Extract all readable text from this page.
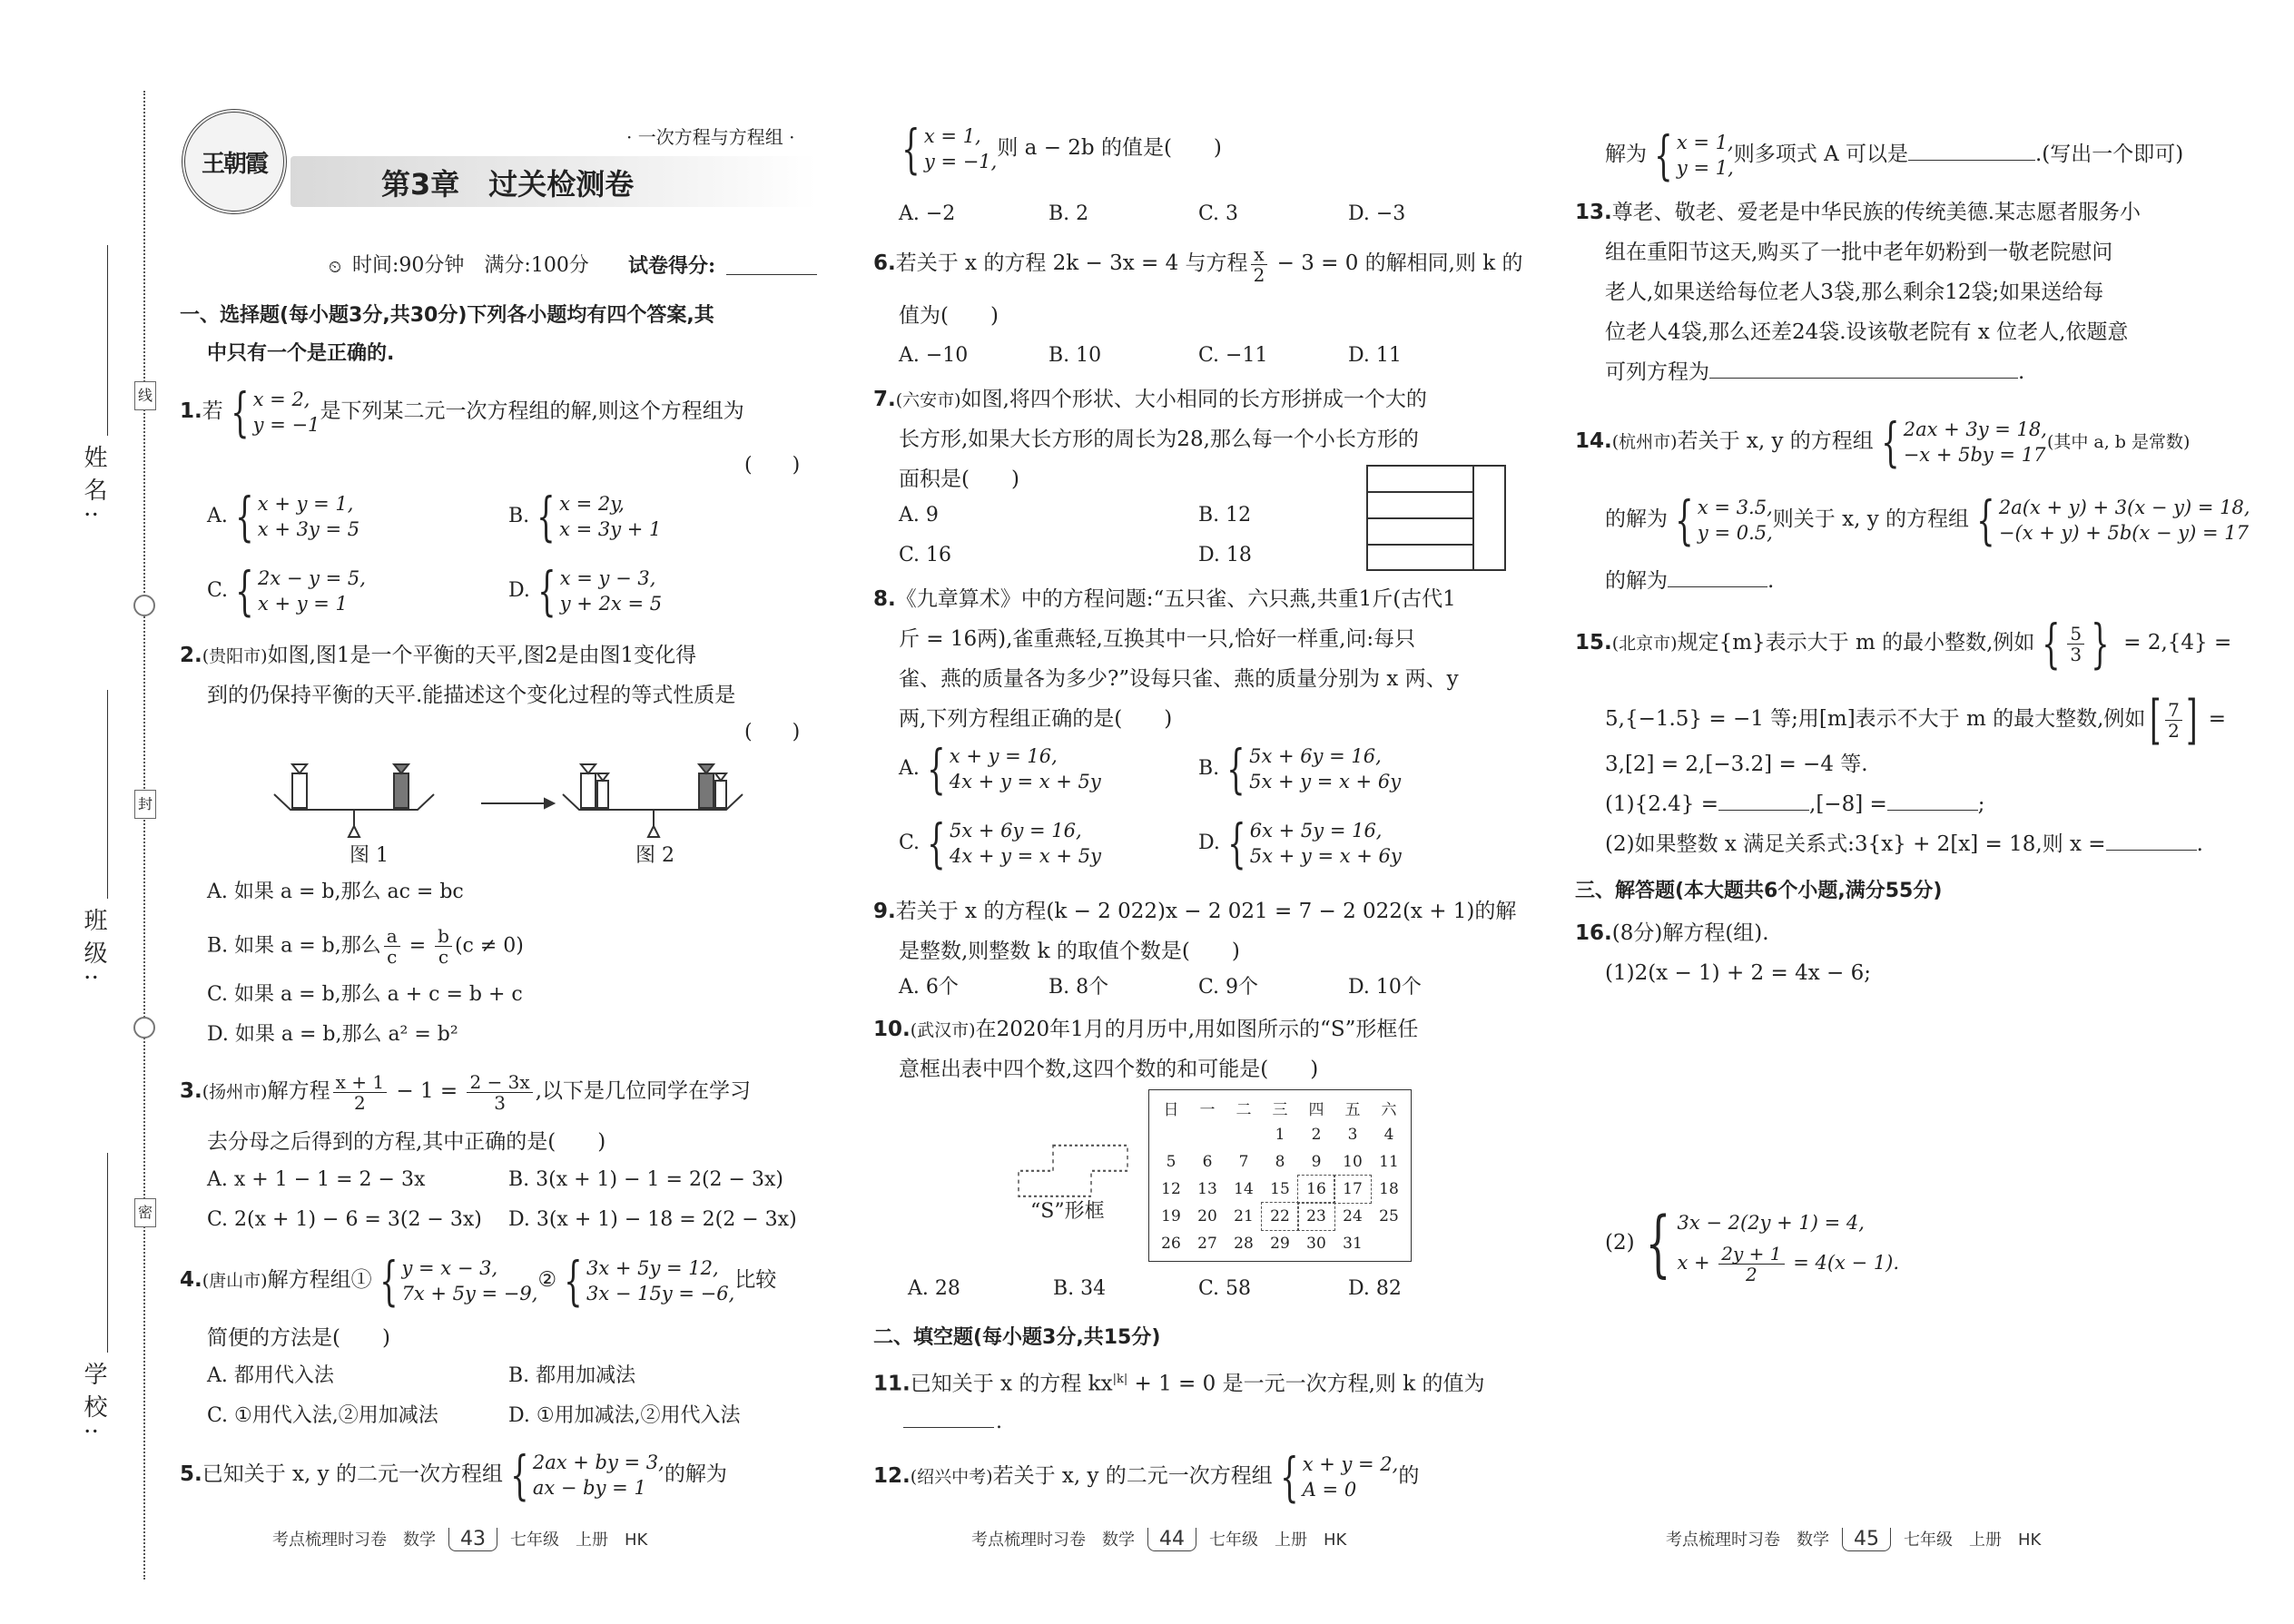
姓名:
班级:
学校:
线
封
密
王朝霞
· 一次方程与方程组 ·
第3章　过关检测卷
⏲ 时间:90分钟　满分:100分 试卷得分:
一、选择题(每小题3分,共30分)下列各小题均有四个答案,其
中只有一个是正确的.
1.若 { x = 2,
y = −1
是下列某二元一次方程组的解,则这个方程组为
(　　)
A. { x + y = 1,
x + 3y = 5
B. { x = 2y,
x = 3y + 1
C. { 2x − y = 5,
x + y = 1
D. { x = y − 3,
y + 2x = 5
2.(贵阳市)如图,图1是一个平衡的天平,图2是由图1变化得
到的仍保持平衡的天平.能描述这个变化过程的等式性质是
(　　)
图 1	图 2
A. 如果 a = b,那么 ac = bc
B. 如果 a = b,那么 $\frac{a}{c} = \frac{b}{c} (c \ne 0)$
C. 如果 a = b,那么 a + c = b + c
D. 如果 a = b,那么 a² = b²
3.(扬州市)解方程 $\frac{x + 1}{2} - 1 = \frac{2 - 3x}{3}$ ,以下是几位同学在学习
去分母之后得到的方程,其中正确的是(　　)
A. x + 1 − 1 = 2 − 3x	B. 3(x + 1) − 1 = 2(2 − 3x)
C. 2(x + 1) − 6 = 3(2 − 3x) D. 3(x + 1) − 18 = 2(2 − 3x)
4.(唐山市)解方程组① { y = x − 3,
7x + 5y = −9,
② { 3x + 5y = 12,
3x − 15y = −6,
比较
简便的方法是(　　)
A. 都用代入法	B. 都用加减法
C. ①用代入法,②用加减法	D. ①用加减法,②用代入法
5.已知关于 x, y 的二元一次方程组 { 2ax + by = 3,
ax − by = 1
的解为
考点梳理时习卷　数学 43 七年级　上册　HK
{ x = 1,
y = −1,
则 a − 2b 的值是(　　)
A. −2	B. 2	C. 3	D. −3
6.若关于 x 的方程 2k − 3x = 4 与方程 $\frac{x}{2} - 3 = 0$ 的解相同,则 k 的
值为(　　)
A. −10	B. 10	C. −11	D. 11
7.(六安市)如图,将四个形状、大小相同的长方形拼成一个大的
长方形,如果大长方形的周长为28,那么每一个小长方形的
面积是(　　)
A. 9	B. 12
C. 16	D. 18
8.《九章算术》中的方程问题:“五只雀、六只燕,共重1斤(古代1
斤 = 16两),雀重燕轻,互换其中一只,恰好一样重,问:每只
雀、燕的质量各为多少?”设每只雀、燕的质量分别为 x 两、y
两,下列方程组正确的是(　　)
A. { x + y = 16,
4x + y = x + 5y
B. { 5x + 6y = 16,
5x + y = x + 6y
C. { 5x + 6y = 16,
4x + y = x + 5y
D. { 6x + 5y = 16,
5x + y = x + 6y
9.若关于 x 的方程(k − 2 022)x − 2 021 = 7 − 2 022(x + 1)的解
是整数,则整数 k 的取值个数是(　　)
A. 6个	B. 8个	C. 9个	D. 10个
10.(武汉市)在2020年1月的月历中,用如图所示的“S”形框任
意框出表中四个数,这四个数的和可能是(　　)
“S”形框
日	一	二	三	四	五	六
			1	2	3	4
5	6	7	8	9	10	11
12	13	14	15	16	17	18
19	20	21	22	23	24	25
26	27	28	29	30	31	
A. 28	B. 34	C. 58	D. 82
二、填空题(每小题3分,共15分)
11.已知关于 x 的方程 $kx^{|k|} + 1 = 0$ 是一元一次方程,则 k 的值为
.
12.(绍兴中考)若关于 x, y 的二元一次方程组 { x + y = 2,
A = 0
的
考点梳理时习卷　数学 44 七年级　上册　HK
解为 { x = 1,
y = 1,
则多项式 A 可以是	.(写出一个即可)
13.尊老、敬老、爱老是中华民族的传统美德.某志愿者服务小
组在重阳节这天,购买了一批中老年奶粉到一敬老院慰问
老人,如果送给每位老人3袋,那么剩余12袋;如果送给每
位老人4袋,那么还差24袋.设该敬老院有 x 位老人,依题意
可列方程为	.
14.(杭州市)若关于 x, y 的方程组 { 2ax + 3y = 18,
−x + 5by = 17
(其中 a, b 是常数)
的解为 { x = 3.5,
y = 0.5,
则关于 x, y 的方程组 { 2a(x + y) + 3(x − y) = 18,
−(x + y) + 5b(x − y) = 17
的解为	.
15.(北京市)规定{m}表示大于 m 的最小整数,例如 { $\frac{5}{3}$ } = 2,{4} =
5,{−1.5} = −1 等;用[m]表示不大于 m 的最大整数,例如 [ $\frac{7}{2}$ ] =
3,[2] = 2,[−3.2] = −4 等.
(1){2.4} =	,[−8] =	;
(2)如果整数 x 满足关系式:3{x} + 2[x] = 18,则 x =	.
三、解答题(本大题共6个小题,满分55分)
16.(8分)解方程(组).
(1)2(x − 1) + 2 = 4x − 6;
(2) { 3x − 2(2y + 1) = 4,
$x + \frac{2y + 1}{2} = 4(x - 1)$.
考点梳理时习卷　数学 45 七年级　上册　HK
